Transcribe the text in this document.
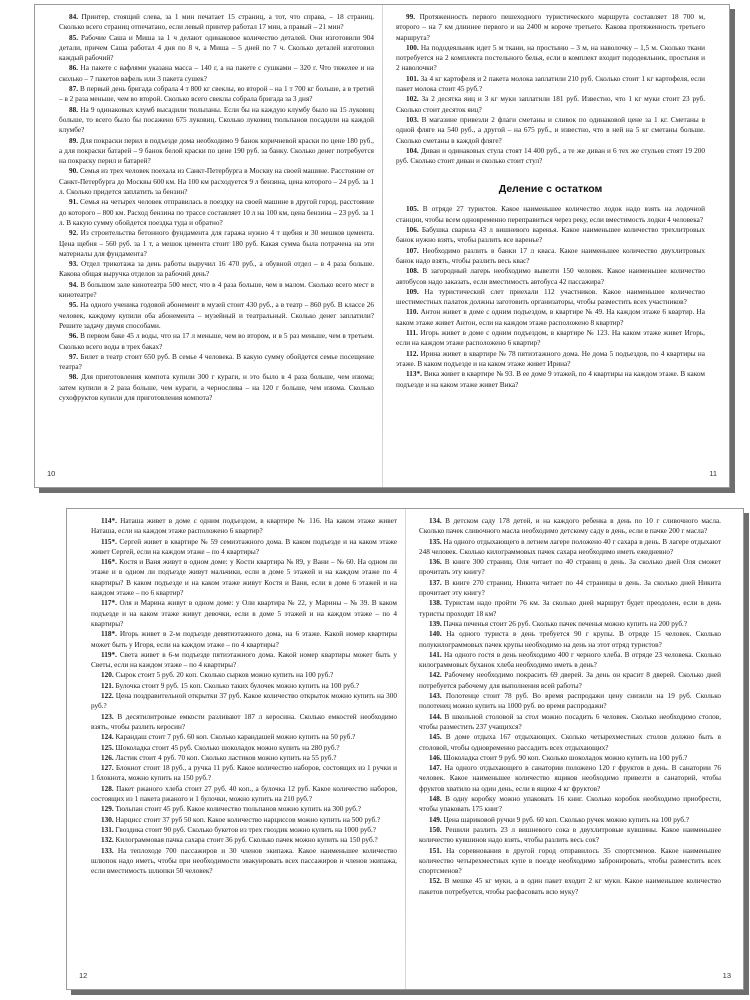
84. Принтер, стоящий слева, за 1 мин печатает 15 страниц, а тот, что справа, – 18 страниц. Сколько всего страниц отпечатано, если левый принтер работал 17 мин, а правый – 21 мин?

85. Рабочие Саша и Миша за 1 ч делают одинаковое количество деталей. Они изготовили 904 детали, причем Саша работал 4 дня по 8 ч, а Миша – 5 дней по 7 ч. Сколько деталей изготовил каждый рабочий?

86. На пакете с вафлями указана масса – 140 г, а на пакете с сушками – 320 г. Что тяжелее и на сколько – 7 пакетов вафель или 3 пакета сушек?

87. В первый день бригада собрала 4 т 800 кг свеклы, во второй – на 1 т 700 кг больше, а в третий – в 2 раза меньше, чем во второй. Сколько всего свеклы собрала бригада за 3 дня?

88. На 9 одинаковых клумб высадили тюльпаны. Если бы на каждую клумбу было на 15 луковиц больше, то всего было бы посажено 675 луковиц. Сколько луковиц тюльпанов посадили на каждой клумбе?

89. Для покраски перил в подъезде дома необходимо 9 банок коричневой краски по цене 180 руб., а для покраски батарей – 9 банок белой краски по цене 190 руб. за банку. Сколько денег потребуется на покраску перил и батарей?

90. Семья из трех человек поехала из Санкт-Петербурга в Москву на своей машине. Расстояние от Санкт-Петербурга до Москвы 600 км. На 100 км расходуется 9 л бензина, цена которого – 24 руб. за 1 л. Сколько придется заплатить за бензин?

91. Семья на четырех человек отправилась в поездку на своей машине в другой город, расстояние до которого – 800 км. Расход бензина по трассе составляет 10 л на 100 км, цена бензина – 23 руб. за 1 л. В какую сумму обойдется поездка туда и обратно?

92. Из строительства бетонного фундамента для гаража нужно 4 т щебня и 30 мешков цемента. Цена щебня – 560 руб. за 1 т, а мешок цемента стоит 180 руб. Какая сумма была потрачена на эти материалы для фундамента?

93. Отдел трикотажа за день работы выручил 16 470 руб., а обувной отдел – в 4 раза больше. Какова общая выручка отделов за рабочий день?

94. В большом зале кинотеатра 500 мест, что в 4 раза больше, чем в малом. Сколько всего мест в кинотеатре?

95. На одного ученика годовой абонемент в музей стоит 430 руб., а в театр – 860 руб. В классе 26 человек, каждому купили оба абонемента – музейный и театральный. Сколько денег заплатили? Решите задачу двумя способами.

96. В первом баке 45 л воды, что на 17 л меньше, чем во втором, и в 5 раз меньше, чем в третьем. Сколько всего воды в трех баках?

97. Билет в театр стоит 650 руб. В семье 4 человека. В какую сумму обойдется семье посещение театра?

98. Для приготовления компота купили 300 г кураги, и это было в 4 раза больше, чем изюма; затем купили в 2 раза больше, чем кураги, а черносливa – на 120 г больше, чем изюма. Сколько сухофруктов купили для приготовления компота?

10

99. Протяженность первого пешеходного туристического маршрута составляет 18 700 м, второго – на 7 км длиннее первого и на 2400 м короче третьего. Какова протяженность третьего маршрута?

100. На пододеяльник идет 5 м ткани, на простыню – 3 м, на наволочку – 1,5 м. Сколько ткани потребуется на 2 комплекта постельного белья, если в комплект входит пододеяльник, простыня и 2 наволочки?

101. За 4 кг картофеля и 2 пакета молока заплатили 210 руб. Сколько стоит 1 кг картофеля, если пакет молока стоит 45 руб.?

102. За 2 десятка яиц и 3 кг муки заплатили 181 руб. Известно, что 1 кг муки стоит 23 руб. Сколько стоит десяток яиц?

103. В магазине привезли 2 флаги сметаны и сливок по одинаковой цене за 1 кг. Сметаны в одной фляге на 540 руб., а другой – на 675 руб., и известно, что в ней на 5 кг сметаны больше. Сколько сметаны в каждой фляге?

104. Диван и одинаковых стула стоят 14 400 руб., а те же диван и 6 тех же стульев стоят 19 200 руб. Сколько стоит диван и сколько стоит стул?

Деление с остатком

105. В отряде 27 туристов. Какое наименьшее количество лодок надо взять на лодочной станции, чтобы всем одновременно переправиться через реку, если вместимость лодки 4 человека?

106. Бабушка сварила 43 л вишневого варенья. Какое наименьшее количество трехлитровых банок нужно взять, чтобы разлить все варенье?

107. Необходимо разлить в банки 17 л кваса. Какое наименьшее количество двухлитровых банок надо взять, чтобы разлить весь квас?

108. В загородный лагерь необходимо вывезти 150 человек. Какое наименьшее количество автобусов надо заказать, если вместимость автобуса 42 пассажира?

109. На туристический слет приехали 112 участников. Какое наименьшее количество шестиместных палаток должны заготовить организаторы, чтобы разместить всех участников?

110. Антон живет в доме с одним подъездом, в квартире № 49. На каждом этаже 6 квартир. На каком этаже живет Антон, если на каждом этаже расположено 8 квартир?

111. Игорь живет в доме с одним подъездом, в квартире № 123. На каком этаже живет Игорь, если на каждом этаже расположено 6 квартир?

112. Ирина живет в квартире № 78 пятиэтажного дома. Не дома 5 подъездов, по 4 квартиры на этаже. В каком подъезде и на каком этаже живет Ирина?

113*. Вика живет в квартире № 93. В ее доме 9 этажей, по 4 квартиры на каждом этаже. В каком подъезде и на каком этаже живет Вика?

11

114*. Наташа живет в доме с одним подъездом, в квартире № 116. На каком этаже живет Наташа, если на каждом этаже расположено 6 квартир?

115*. Сергей живет в квартире № 59 семиэтажного дома. В каком подъезде и на каком этаже живет Сергей, если на каждом этаже – по 4 квартиры?

116*. Костя и Ваня живут в одном доме: у Кости квартира № 89, у Вани – № 60. На одном ли этаже и в одном ли подъезде живут мальчики, если в доме 5 этажей и на каждом этаже по 4 квартиры? В каком подъезде и на каком этаже живут Костя и Ваня, если в доме 6 этажей и на каждом этаже – по 6 квартир?

117*. Оля и Марина живут в одном доме: у Оли квартира № 22, у Марины – № 39. В каком подъезде и на каком этаже живут девочки, если в доме 5 этажей и на каждом этаже – по 4 квартиры?

118*. Игорь живет в 2-м подъезде девятиэтажного дома, на 6 этаже. Какой номер квартиры может быть у Игоря, если на каждом этаже – по 4 квартиры?

119*. Света живет в 6-м подъезде пятиэтажного дома. Какой номер квартиры может быть у Светы, если на каждом этаже – по 4 квартиры?

120. Сырок стоит 5 руб. 20 коп. Сколько сырков можно купить на 100 руб.?

121. Булочка стоит 9 руб. 15 коп. Сколько таких булочек можно купить на 100 руб.?

122. Цена поздравительной открытки 37 руб. Какое количество открыток можно купить на 300 руб.?

123. В десятилитровые емкости разливают 187 л керосина. Сколько емкостей необходимо взять, чтобы разлить керосин?

124. Карандаш стоит 7 руб. 60 коп. Сколько карандашей можно купить на 50 руб.?

125. Шоколадка стоит 45 руб. Сколько шоколадок можно купить на 280 руб.?

126. Ластик стоит 4 руб. 70 коп. Сколько ластиков можно купить на 55 руб.?

127. Блокнот стоит 18 руб., а ручка 11 руб. Какое количество наборов, состоящих из 1 ручки и 1 блокнота, можно купить на 150 руб.?

128. Пакет ржаного хлеба стоит 27 руб. 40 коп., а булочка 12 руб. Какое количество наборов, состоящих из 1 пакета ржаного и 1 булочки, можно купить на 210 руб.?

129. Тюльпан стоит 45 руб. Какое количество тюльпанов можно купить на 300 руб.?

130. Нарцисс стоит 37 руб 50 коп. Какое количество нарциссов можно купить на 500 руб.?

131. Гвоздика стоит 90 руб. Сколько букетов из трех гвоздик можно купить на 1000 руб.?

132. Килограммовая пачка сахара стоит 36 руб. Сколько пачек можно купить на 150 руб.?

133. На теплоходе 700 пассажиров и 30 членов экипажа. Какое наименьшее количество шлюпок надо иметь, чтобы при необходимости эвакуировать всех пассажиров и членов экипажа, если вместимость шлюпки 50 человек?

12

134. В детском саду 178 детей, и на каждого ребенка в день по 10 г сливочного масла. Сколько пачек сливочного масла необходимо детскому саду в день, если в пачке 200 г масла?

135. На одного отдыхающего в летнем лагере положено 40 г сахара в день. В лагере отдыхают 248 человек. Сколько килограммовых пачек сахара необходимо иметь ежедневно?

136. В книге 300 страниц. Оля читает по 40 страниц в день. За сколько дней Оля сможет прочитать эту книгу?

137. В книге 270 страниц. Никита читает по 44 страницы в день. За сколько дней Никита прочитает эту книгу?

138. Туристам надо пройти 76 км. За сколько дней маршрут будет преодолен, если в день туристы проходят 18 км?

139. Пачка печенья стоит 26 руб. Сколько пачек печенья можно купить на 200 руб.?

140. На одного туриста в день требуется 90 г крупы. В отряде 15 человек. Сколько полукилограммовых пачек крупы необходимо на день на этот отряд туристов?

141. На одного гостя в день необходимо 400 г черного хлеба. В отряде 23 человека. Сколько килограммовых буханок хлеба необходимо иметь в день?

142. Рабочему необходимо покрасить 69 дверей. За день он красит 8 дверей. Сколько дней потребуется рабочему для выполнения всей работы?

143. Полотенце стоит 78 руб. Во время распродажи цену снизили на 19 руб. Сколько полотенец можно купить на 1000 руб. во время распродажи?

144. В школьной столовой за стол можно посадить 6 человек. Сколько необходимо столов, чтобы разместить 237 учащихся?

145. В доме отдыха 167 отдыхающих. Сколько четырехместных столов должно быть в столовой, чтобы одновременно рассадить всех отдыхающих?

146. Шоколадка стоит 9 руб. 90 коп. Сколько шоколадок можно купить на 100 руб.?

147. На одного отдыхающего в санатории положено 120 г фруктов в день. В санатории 76 человек. Какое наименьшее количество ящиков необходимо привезти в санаторий, чтобы фруктов хватило на один день, если в ящике 4 кг фруктов?

148. В одну коробку можно упаковать 16 книг. Сколько коробок необходимо приобрести, чтобы упаковать 175 книг?

149. Цена шариковой ручки 9 руб. 60 коп. Сколько ручек можно купить на 100 руб.?

150. Решили разлить 23 л вишневого сока в двухлитровые кувшины. Какое наименьшее количество кувшинов надо взять, чтобы разлить весь сок?

151. На соревнования в другой город отправилось 35 спортсменов. Какое наименьшее количество четырехместных купе в поезде необходимо забронировать, чтобы разместить всех спортсменов?

152. В мешке 45 кг муки, а в один пакет входит 2 кг муки. Какое наименьшее количество пакетов потребуется, чтобы расфасовать всю муку?

13
